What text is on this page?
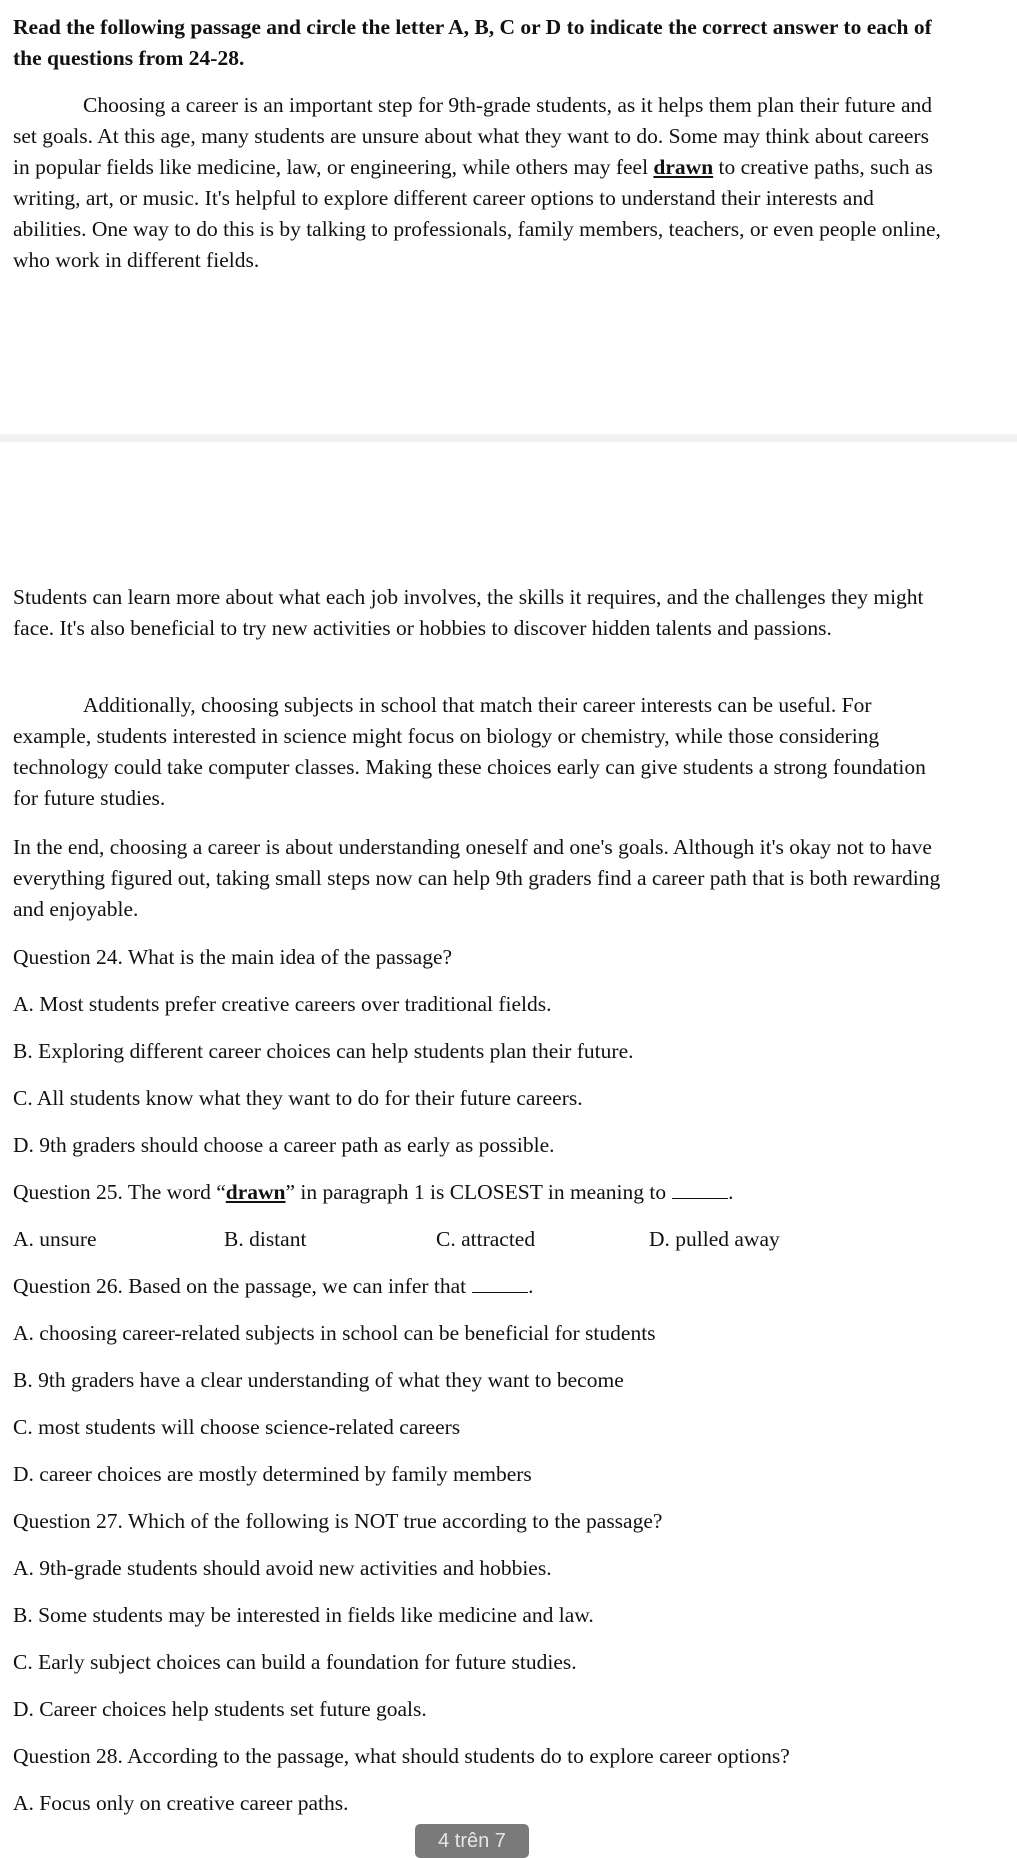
Read the following passage and circle the letter A, B, C or D to indicate the correct answer to each of the questions from 24-28.

Choosing a career is an important step for 9th-grade students, as it helps them plan their future and set goals. At this age, many students are unsure about what they want to do. Some may think about careers in popular fields like medicine, law, or engineering, while others may feel drawn to creative paths, such as writing, art, or music. It's helpful to explore different career options to understand their interests and abilities. One way to do this is by talking to professionals, family members, teachers, or even people online, who work in different fields.

Students can learn more about what each job involves, the skills it requires, and the challenges they might face. It's also beneficial to try new activities or hobbies to discover hidden talents and passions.

Additionally, choosing subjects in school that match their career interests can be useful. For example, students interested in science might focus on biology or chemistry, while those considering technology could take computer classes. Making these choices early can give students a strong foundation for future studies.

In the end, choosing a career is about understanding oneself and one's goals. Although it's okay not to have everything figured out, taking small steps now can help 9th graders find a career path that is both rewarding and enjoyable.

Question 24. What is the main idea of the passage?
A. Most students prefer creative careers over traditional fields.
B. Exploring different career choices can help students plan their future.
C. All students know what they want to do for their future careers.
D. 9th graders should choose a career path as early as possible.
Question 25. The word “drawn” in paragraph 1 is CLOSEST in meaning to	.
A. unsure	B. distant	C. attracted	D. pulled away
Question 26. Based on the passage, we can infer that	.
A. choosing career-related subjects in school can be beneficial for students
B. 9th graders have a clear understanding of what they want to become
C. most students will choose science-related careers
D. career choices are mostly determined by family members
Question 27. Which of the following is NOT true according to the passage?
A. 9th-grade students should avoid new activities and hobbies.
B. Some students may be interested in fields like medicine and law.
C. Early subject choices can build a foundation for future studies.
D. Career choices help students set future goals.
Question 28. According to the passage, what should students do to explore career options?
A. Focus only on creative career paths.
4 trên 7
